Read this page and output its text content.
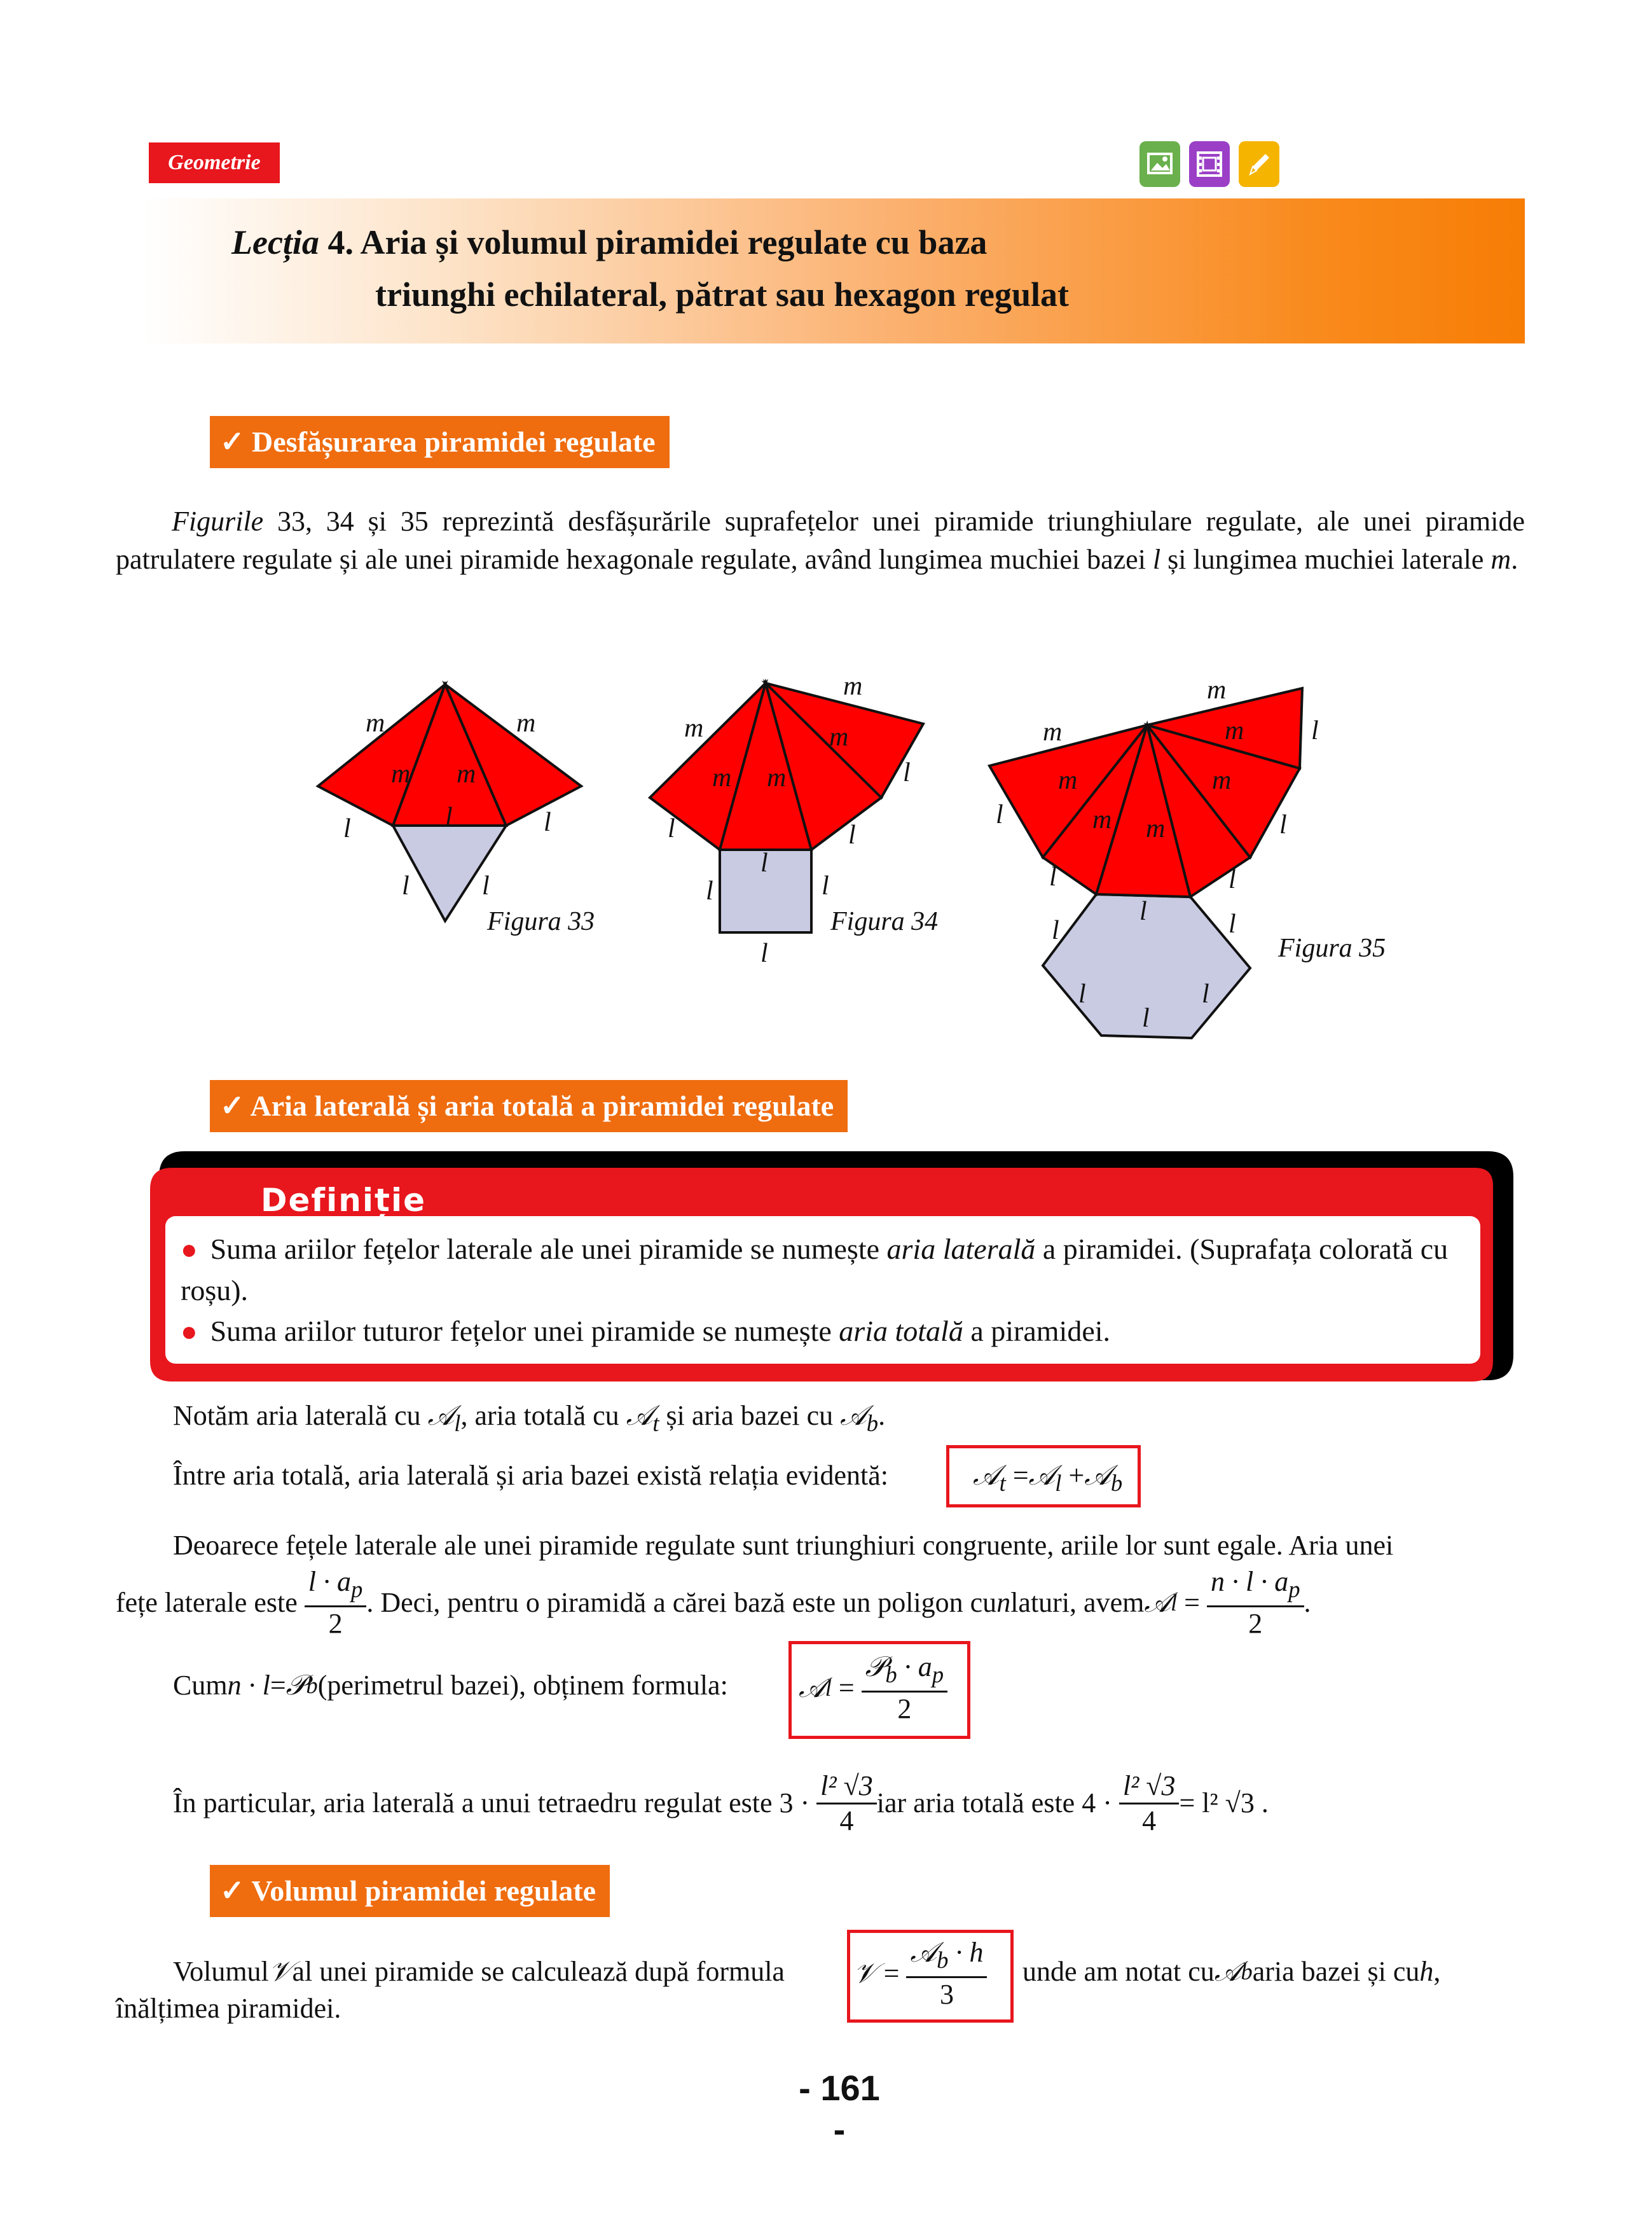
Geometrie
Lecția 4. Aria și volumul piramidei regulate cu baza
triunghi echilateral, pătrat sau hexagon regulat
✓ Desfășurarea piramidei regulate
Figurile 33, 34 și 35 reprezintă desfășurările suprafețelor unei piramide triunghiulare regulate, ale unei piramide patrulatere regulate și ale unei piramide hexagonale regulate, având lungimea muchiei bazei l și lungimea muchiei laterale m.
m	m
m m
l
l	l
l	l
Figura 33
m
m
m
m m	l
l	l
l
l	l
l
Figura 34
m
m
m
m	m
m m
l
l	l
l	l
l
l	l
l	l
l
Figura 35
✓ Aria laterală și aria totală a piramidei regulate
Definiție
● Suma ariilor fețelor laterale ale unei piramide se numește aria laterală a piramidei. (Suprafața colorată cu roșu).
● Suma ariilor tuturor fețelor unei piramide se numește aria totală a piramidei.
Notăm aria laterală cu 𝒜$_l$, aria totală cu 𝒜$_t$ și aria bazei cu 𝒜$_b$.
Între aria totală, aria laterală și aria bazei există relația evidentă:	𝒜$_t$ =𝒜$_l$ +𝒜$_b$
Deoarece fețele laterale ale unei piramide regulate sunt triunghiuri congruente, ariile lor sunt egale. Aria unei
fețe laterale este
$\frac{l \cdot a_p}{2}$ . Deci, pentru o piramidă a cărei bază este un poligon cu n laturi, avem 𝒜 $l = \frac{n \cdot l \cdot a_p}{2}$ .
Cum n · l = 𝒫 b (perimetrul bazei), obținem formula:	𝒜 $l = \frac{𝒫_b \cdot a_p}{2}$
În particular, aria laterală a unui tetraedru regulat este 3 ·
$\frac{\text{l² √3}}{4}$ iar aria totală este 4 ·
$\frac{\text{l² √3}}{4} = l^2$ √3 .
✓ Volumul piramidei regulate
Volumul 𝒱 al unei piramide se calculează după formula 𝒱 = $\frac{𝒜_b \cdot h}{3}$ unde am notat cu 𝒜 b aria bazei și cu h ,
înălțimea piramidei.
- 161 -
